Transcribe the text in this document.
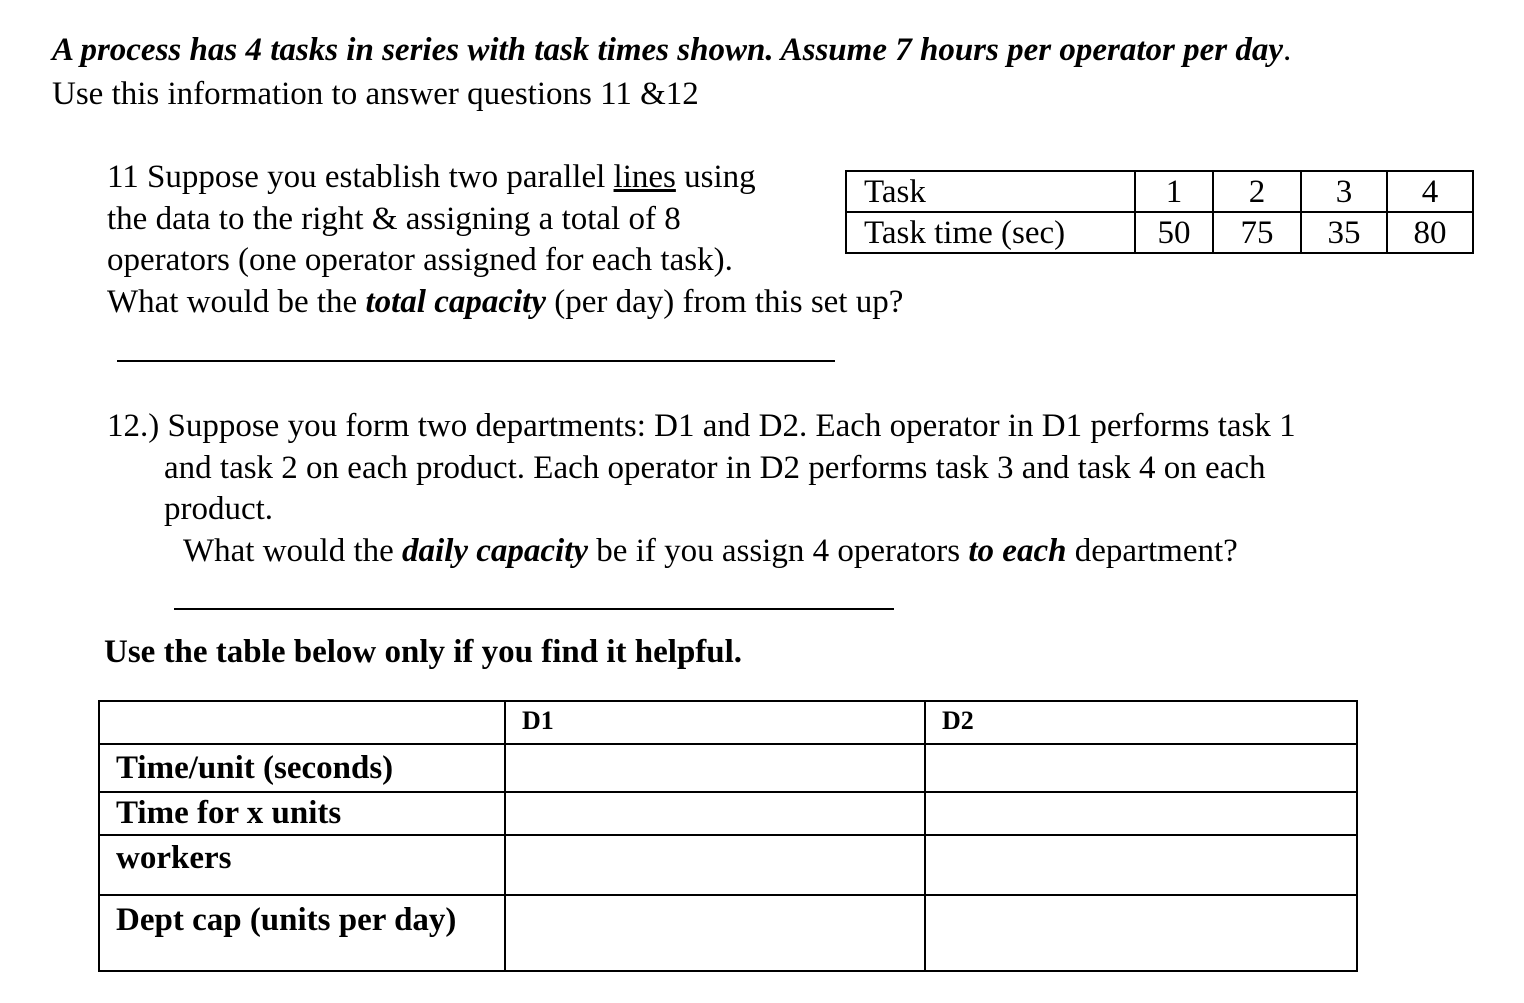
A process has 4 tasks in series with task times shown. Assume 7 hours per operator per day.
Use this information to answer questions 11 &12
11 Suppose you establish two parallel lines using
the data to the right & assigning a total of 8
operators (one operator assigned for each task).
What would be the total capacity (per day) from this set up?
Task	1	2	3	4
Task time (sec)	50	75	35	80
12.) Suppose you form two departments: D1 and D2. Each operator in D1 performs task 1
and task 2 on each product. Each operator in D2 performs task 3 and task 4 on each
product.
What would the daily capacity be if you assign 4 operators to each department?
Use the table below only if you find it helpful.
	D1	D2
Time/unit (seconds)		
Time for x units		
workers		
Dept cap (units per day)		
